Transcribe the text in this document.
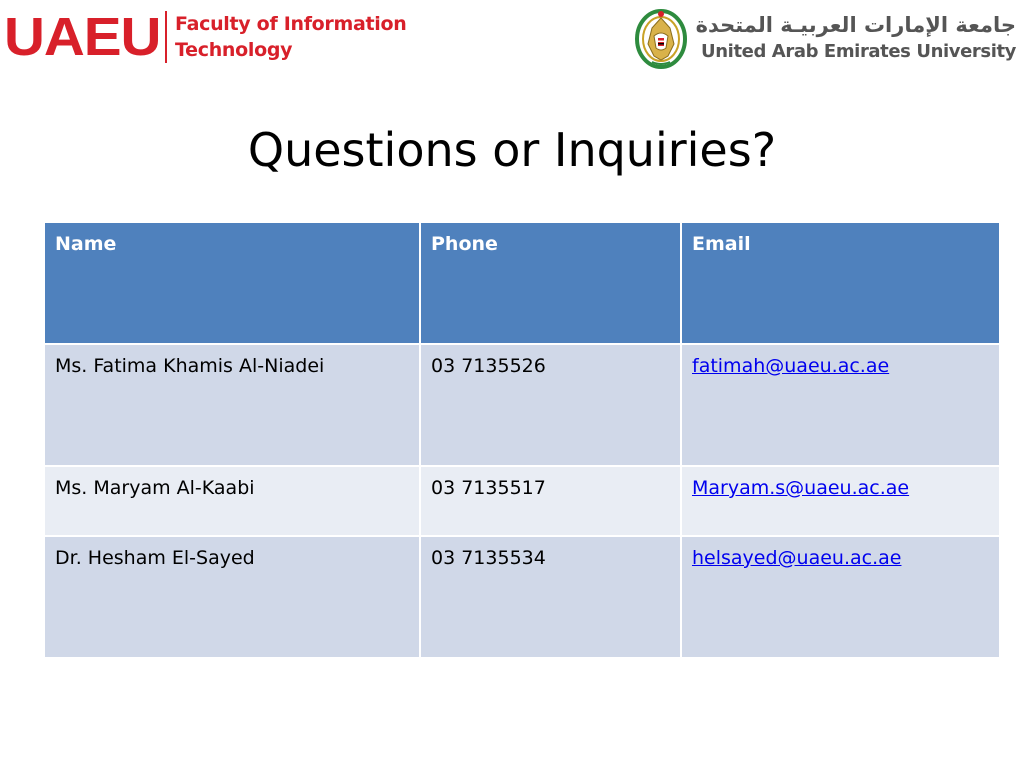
UAEU Faculty of Information
Technology
جامعة الإمارات العربيـة المتحدة
United Arab Emirates University
Questions or Inquiries?
Name	Phone	Email
Ms. Fatima Khamis Al-Niadei	03 7135526	fatimah@uaeu.ac.ae
Ms. Maryam Al-Kaabi	03 7135517	Maryam.s@uaeu.ac.ae
Dr. Hesham El-Sayed	03 7135534	helsayed@uaeu.ac.ae
